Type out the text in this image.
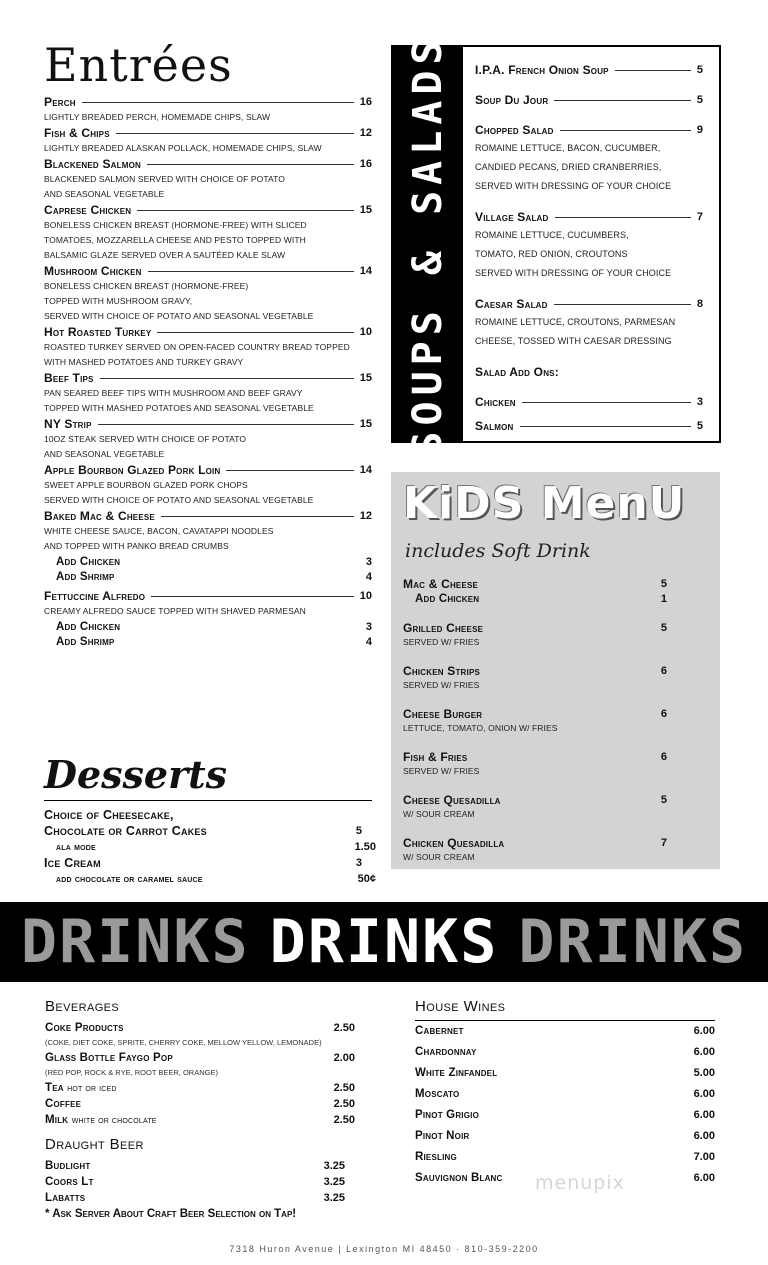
Entrées
Perch	16
LIGHTLY BREADED PERCH, HOMEMADE CHIPS, SLAW
Fish & Chips	12
LIGHTLY BREADED ALASKAN POLLACK, HOMEMADE CHIPS, SLAW
Blackened Salmon	16
BLACKENED SALMON SERVED WITH CHOICE OF POTATO
AND SEASONAL VEGETABLE
Caprese Chicken	15
BONELESS CHICKEN BREAST (HORMONE-FREE) WITH SLICED
TOMATOES, MOZZARELLA CHEESE AND PESTO TOPPED WITH
BALSAMIC GLAZE SERVED OVER A SAUTÉED KALE SLAW
Mushroom Chicken	14
BONELESS CHICKEN BREAST (HORMONE-FREE)
TOPPED WITH MUSHROOM GRAVY,
SERVED WITH CHOICE OF POTATO AND SEASONAL VEGETABLE
Hot Roasted Turkey	10
ROASTED TURKEY SERVED ON OPEN-FACED COUNTRY BREAD TOPPED
WITH MASHED POTATOES AND TURKEY GRAVY
Beef Tips	15
PAN SEARED BEEF TIPS WITH MUSHROOM AND BEEF GRAVY
TOPPED WITH MASHED POTATOES AND SEASONAL VEGETABLE
NY Strip	15
10OZ STEAK SERVED WITH CHOICE OF POTATO
AND SEASONAL VEGETABLE
Apple Bourbon Glazed Pork Loin	14
SWEET APPLE BOURBON GLAZED PORK CHOPS
SERVED WITH CHOICE OF POTATO AND SEASONAL VEGETABLE
Baked Mac & Cheese	12
WHITE CHEESE SAUCE, BACON, CAVATAPPI NOODLES
AND TOPPED WITH PANKO BREAD CRUMBS
Add Chicken	3
Add Shrimp	4
Fettuccine Alfredo	10
CREAMY ALFREDO SAUCE TOPPED WITH SHAVED PARMESAN
Add Chicken	3
Add Shrimp	4
SOUPS & SALADS I.P.A. French Onion Soup	5
Soup Du Jour	5
Chopped Salad	9
ROMAINE LETTUCE, BACON, CUCUMBER,
CANDIED PECANS, DRIED CRANBERRIES,
SERVED WITH DRESSING OF YOUR CHOICE
Village Salad	7
ROMAINE LETTUCE, CUCUMBERS,
TOMATO, RED ONION, CROUTONS
SERVED WITH DRESSING OF YOUR CHOICE
Caesar Salad	8
ROMAINE LETTUCE, CROUTONS, PARMESAN
CHEESE, TOSSED WITH CAESAR DRESSING
Salad Add Ons:
Chicken	3
Salmon	5
KiDS MenU
includes Soft Drink
Mac & Cheese	5
Add Chicken	1
Grilled Cheese	5
SERVED W/ FRIES
Chicken Strips	6
SERVED W/ FRIES
Cheese Burger	6
LETTUCE, TOMATO, ONION W/ FRIES
Fish & Fries	6
SERVED W/ FRIES
Cheese Quesadilla	5
W/ SOUR CREAM
Chicken Quesadilla	7
W/ SOUR CREAM
Desserts
Choice of Cheesecake,
Chocolate or Carrot Cakes	5
ala mode	1.50
Ice Cream	3
add chocolate or caramel sauce	50¢
DRINKS DRINKS DRINKS
Beverages
Coke Products	2.50
(COKE, DIET COKE, SPRITE, CHERRY COKE, MELLOW YELLOW, LEMONADE)
Glass Bottle Faygo Pop	2.00
(RED POP, ROCK & RYE, ROOT BEER, ORANGE)
Tea hot or iced	2.50
Coffee	2.50
Milk white or chocolate	2.50
Draught Beer
Budlight	3.25
Coors Lt	3.25
Labatts	3.25
* Ask Server About Craft Beer Selection on Tap!
House Wines
Cabernet	6.00
Chardonnay	6.00
White Zinfandel	5.00
Moscato	6.00
Pinot Grigio	6.00
Pinot Noir	6.00
Riesling	7.00
Sauvignon Blanc	6.00
menupix
7318 Huron Avenue | Lexington MI 48450 · 810-359-2200
